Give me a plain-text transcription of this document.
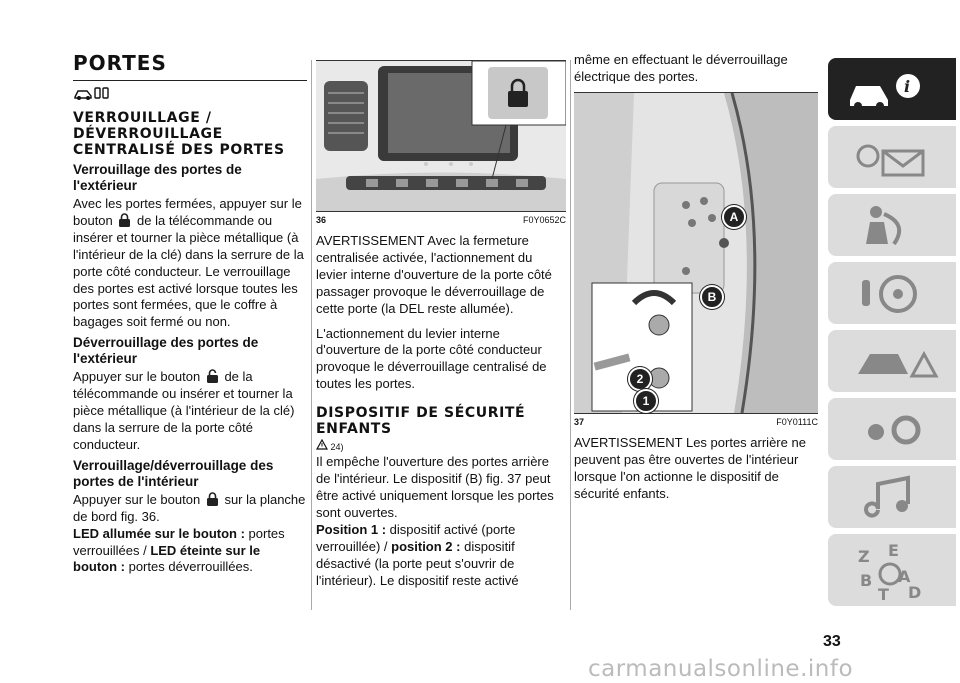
PORTES
VERROUILLAGE / DÉVERROUILLAGE CENTRALISÉ DES PORTES
Verrouillage des portes de l'extérieur

Avec les portes fermées, appuyer sur le bouton de la télécommande ou insérer et tourner la pièce métallique (à l'intérieur de la clé) dans la serrure de la porte côté conducteur. Le verrouillage des portes est activé lorsque toutes les portes sont fermées, que le coffre à bagages soit fermé ou non.

Déverrouillage des portes de l'extérieur

Appuyer sur le bouton de la télécommande ou insérer et tourner la pièce métallique (à l'intérieur de la clé) dans la serrure de la porte côté conducteur.

Verrouillage/déverrouillage des portes de l'intérieur

Appuyer sur le bouton sur la planche de bord fig. 36.

LED allumée sur le bouton : portes verrouillées / LED éteinte sur le bouton : portes déverrouillées.

36	F0Y0652C

AVERTISSEMENT Avec la fermeture centralisée activée, l'actionnement du levier interne d'ouverture de la porte côté passager provoque le déverrouillage de cette porte (la DEL reste allumée).

L'actionnement du levier interne d'ouverture de la porte côté conducteur provoque le déverrouillage centralisé de toutes les portes.

DISPOSITIF DE SÉCURITÉ ENFANTS
24)

Il empêche l'ouverture des portes arrière de l'intérieur. Le dispositif (B) fig. 37 peut être activé uniquement lorsque les portes sont ouvertes.

Position 1 : dispositif activé (porte verrouillée) / position 2 : dispositif désactivé (la porte peut s'ouvrir de l'intérieur). Le dispositif reste activé

même en effectuant le déverrouillage électrique des portes.

A
B
2
1
37	F0Y0111C

AVERTISSEMENT Les portes arrière ne peuvent pas être ouvertes de l'intérieur lorsque l'on actionne le dispositif de sécurité enfants.

i
Z E
B A
T D
33
carmanualsonline.info
